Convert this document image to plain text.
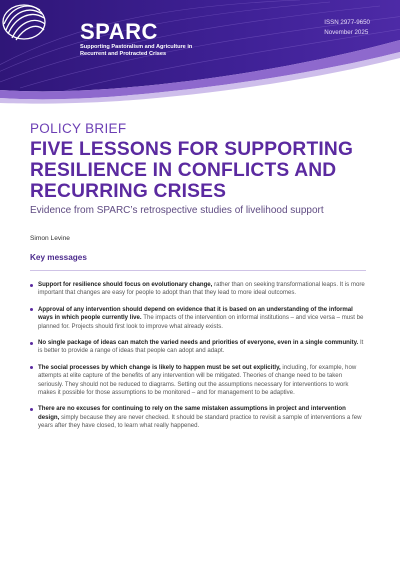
SPARC
Supporting Pastoralism and Agriculture in Recurrent and Protracted Crises
ISSN 2977-9650
November 2025
POLICY BRIEF
FIVE LESSONS FOR SUPPORTING RESILIENCE IN CONFLICTS AND RECURRING CRISES
Evidence from SPARC’s retrospective studies of livelihood support
Simon Levine
Key messages
Support for resilience should focus on evolutionary change, rather than on seeking transformational leaps. It is more important that changes are easy for people to adopt than that they lead to more ideal outcomes.
Approval of any intervention should depend on evidence that it is based on an understanding of the informal ways in which people currently live. The impacts of the intervention on informal institutions – and vice versa – must be planned for. Projects should first look to improve what already exists.
No single package of ideas can match the varied needs and priorities of everyone, even in a single community. It is better to provide a range of ideas that people can adopt and adapt.
The social processes by which change is likely to happen must be set out explicitly, including, for example, how attempts at elite capture of the benefits of any intervention will be mitigated. Theories of change need to be taken seriously. They should not be reduced to diagrams. Setting out the assumptions necessary for interventions to work makes it possible for those assumptions to be monitored – and for management to be adaptive.
There are no excuses for continuing to rely on the same mistaken assumptions in project and intervention design, simply because they are never checked. It should be standard practice to revisit a sample of interventions a few years after they have closed, to learn what really happened.
